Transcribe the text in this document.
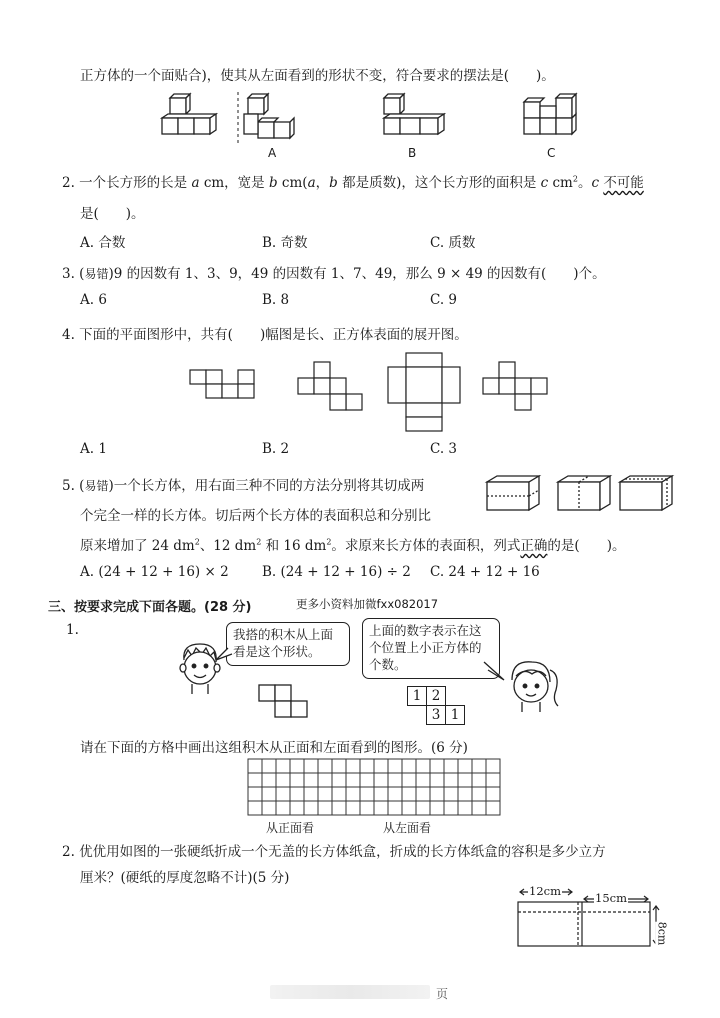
正方体的一个面贴合)，使其从左面看到的形状不变，符合要求的摆法是(　　)。
A	B	C
2. 一个长方形的长是 a cm，宽是 b cm(a，b 都是质数)，这个长方形的面积是 c $cm^2$。c 不可能
是(　　)。
A. 合数	B. 奇数	C. 质数
3. (易错)9 的因数有 1、3、9，49 的因数有 1、7、49，那么 9 × 49 的因数有(　　)个。
A. 6	B. 8	C. 9
4. 下面的平面图形中，共有(　　)幅图是长、正方体表面的展开图。
A. 1	B. 2	C. 3
5. (易错)一个长方体，用右面三种不同的方法分别将其切成两
个完全一样的长方体。切后两个长方体的表面积总和分别比
原来增加了 24 $dm^2$、12 $dm^2$ 和 16 $dm^2$。求原来长方体的表面积，列式正确的是(　　)。
A. (24 + 12 + 16) × 2 B. (24 + 12 + 16) ÷ 2 C. 24 + 12 + 16
三、按要求完成下面各题。(28 分)	更多小资料加微fxx082017
1.	我搭的积木从上面看是这个形状。
上面的数字表示在这个位置上小正方体的个数。
1 2
3 1
请在下面的方格中画出这组积木从正面和左面看到的图形。(6 分)
从正面看	从左面看
2. 优优用如图的一张硬纸折成一个无盖的长方体纸盒，折成的长方体纸盒的容积是多少立方
厘米？(硬纸的厚度忽略不计)(5 分)
12cm	15cm
8cm
页
